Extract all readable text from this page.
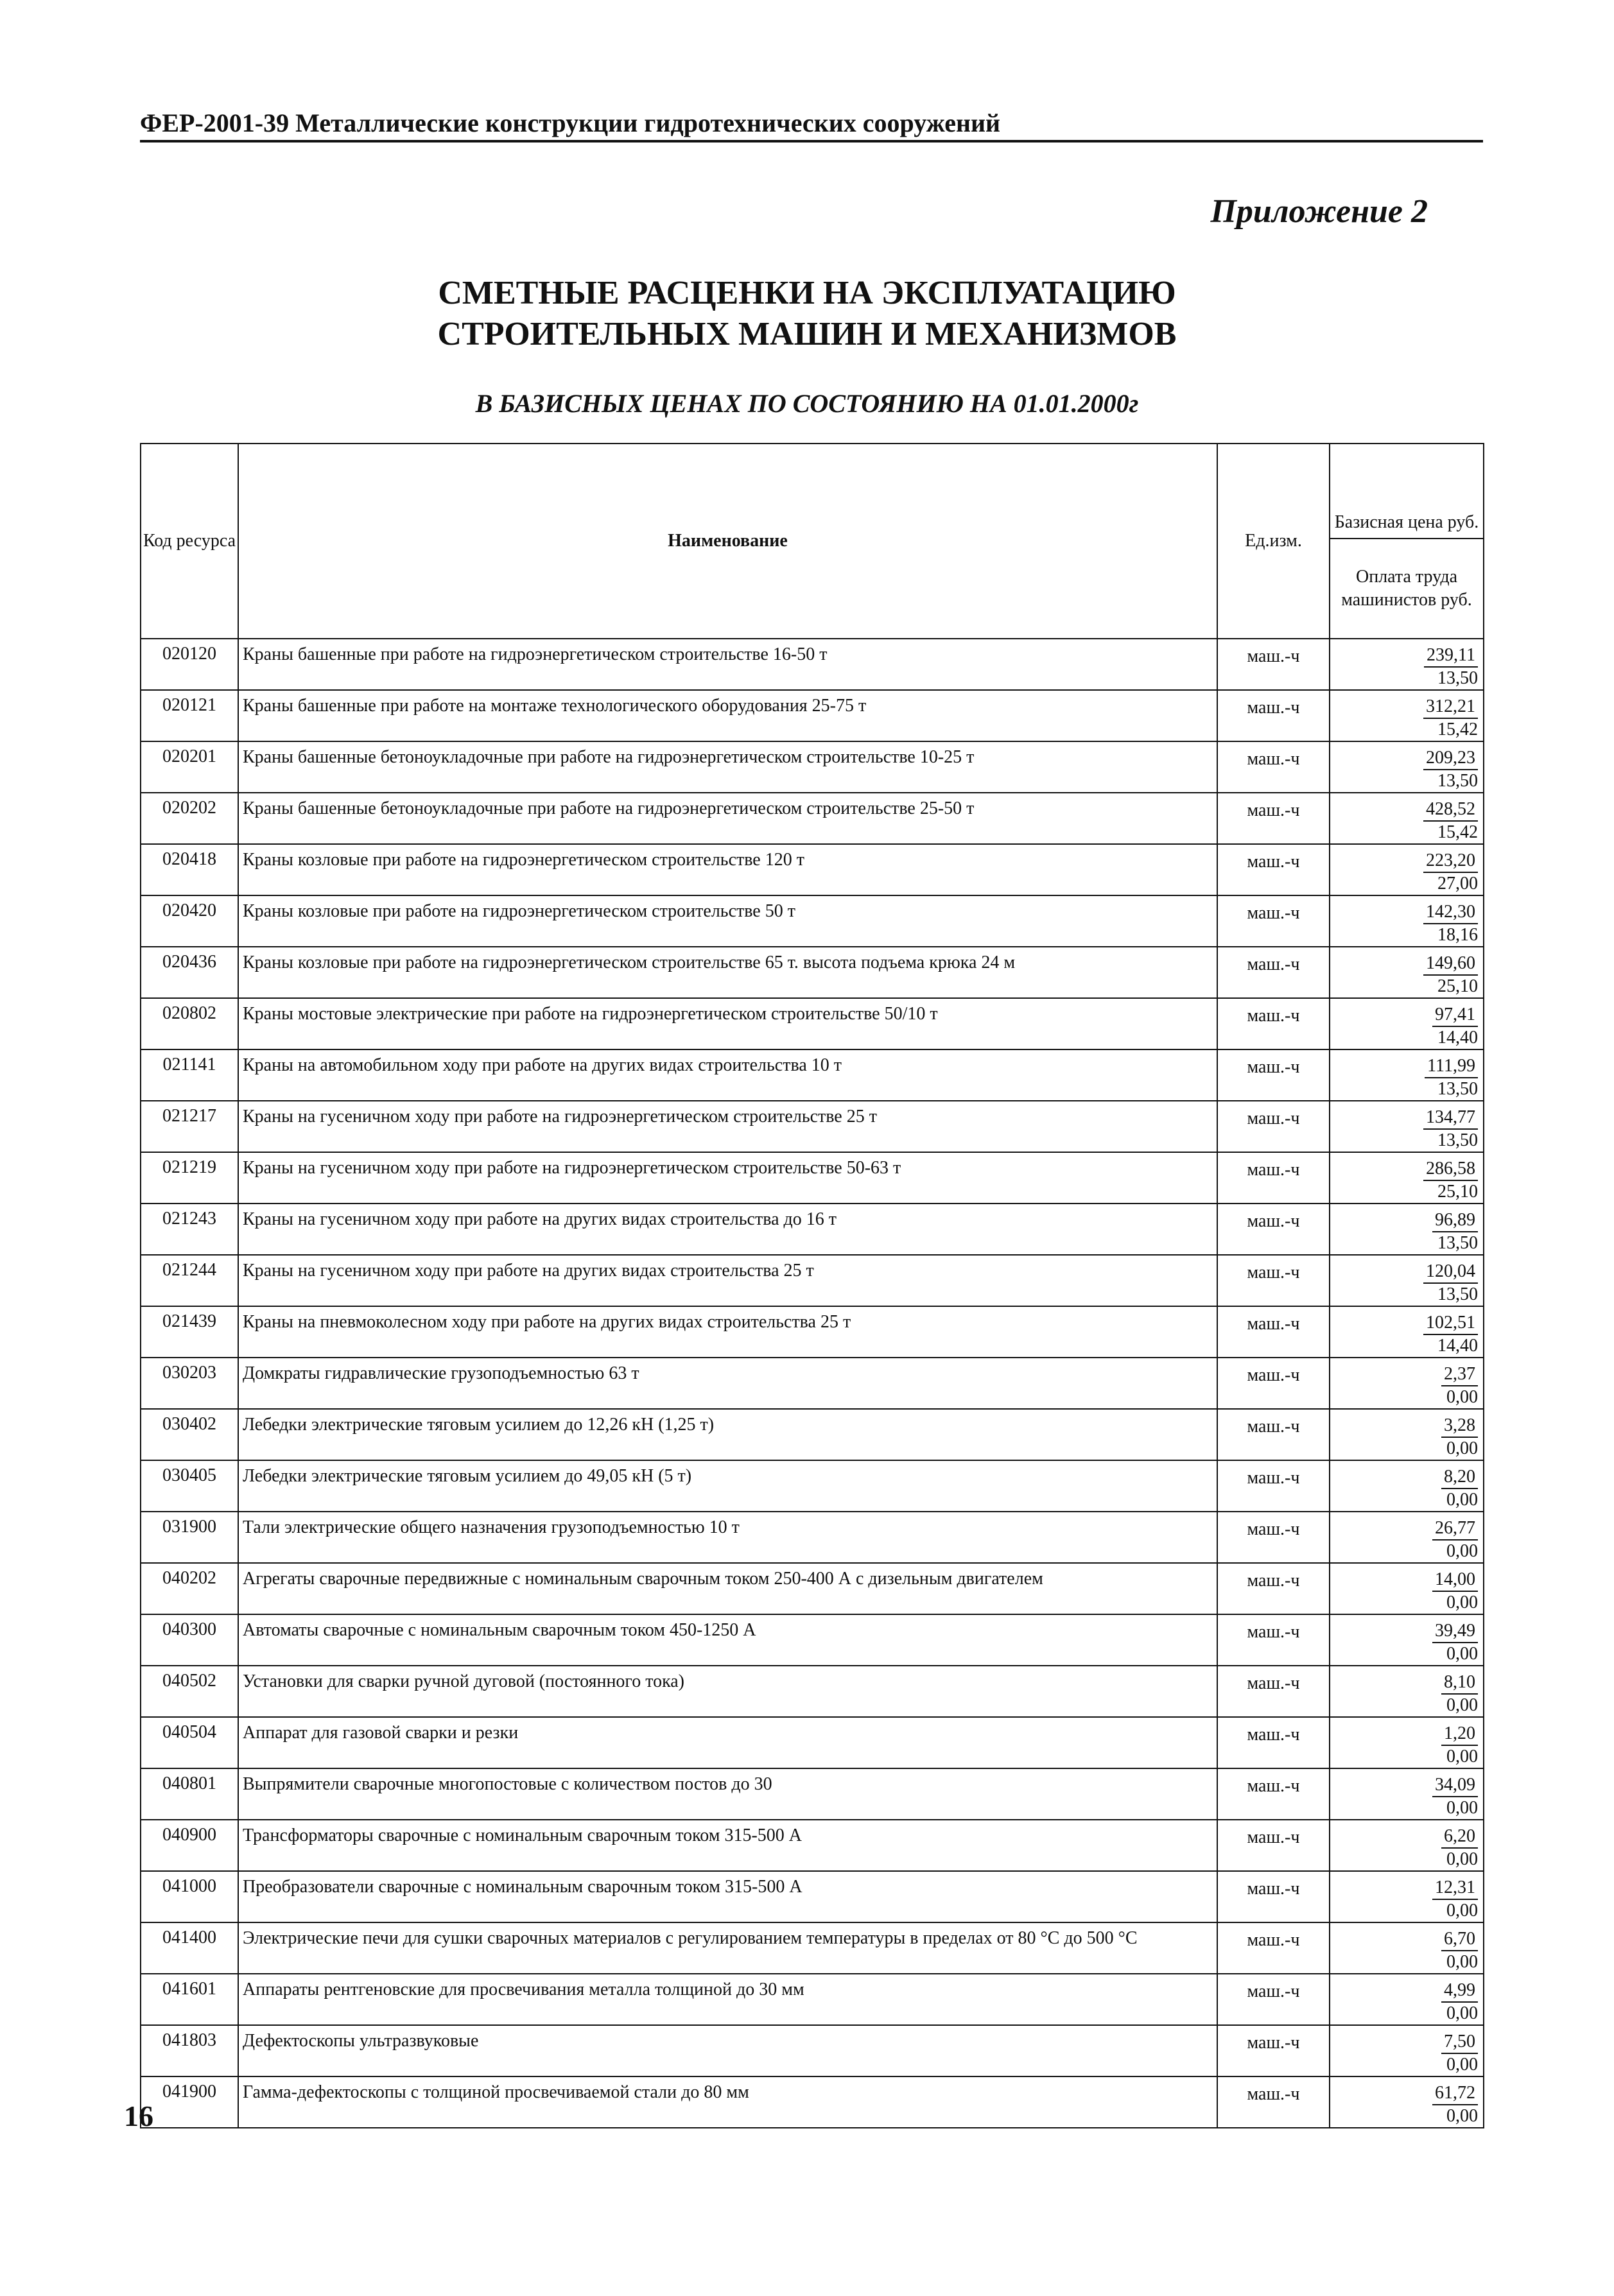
ФЕР-2001-39 Металлические конструкции гидротехнических сооружений
Приложение 2
СМЕТНЫЕ РАСЦЕНКИ НА ЭКСПЛУАТАЦИЮ
СТРОИТЕЛЬНЫХ МАШИН И МЕХАНИЗМОВ
В БАЗИСНЫХ ЦЕНАХ ПО СОСТОЯНИЮ НА 01.01.2000г
Код ресурса	Наименование	Ед.изм.	Базисная цена руб.
Оплата труда машинистов руб.

020120	Краны башенные при работе на гидроэнергетическом строительстве 16-50 т	маш.-ч	239,11
13,50

020121	Краны башенные при работе на монтаже технологического оборудования 25-75 т	маш.-ч	312,21
15,42

020201	Краны башенные бетоноукладочные при работе на гидроэнергетическом строительстве 10-25 т	маш.-ч	209,23
13,50

020202	Краны башенные бетоноукладочные при работе на гидроэнергетическом строительстве 25-50 т	маш.-ч	428,52
15,42

020418	Краны козловые при работе на гидроэнергетическом строительстве 120 т	маш.-ч	223,20
27,00

020420	Краны козловые при работе на гидроэнергетическом строительстве 50 т	маш.-ч	142,30
18,16

020436	Краны козловые при работе на гидроэнергетическом строительстве 65 т. высота подъема крюка 24 м	маш.-ч	149,60
25,10

020802	Краны мостовые электрические при работе на гидроэнергетическом строительстве 50/10 т	маш.-ч	97,41
14,40

021141	Краны на автомобильном ходу при работе на других видах строительства 10 т	маш.-ч	111,99
13,50

021217	Краны на гусеничном ходу при работе на гидроэнергетическом строительстве 25 т	маш.-ч	134,77
13,50

021219	Краны на гусеничном ходу при работе на гидроэнергетическом строительстве 50-63 т	маш.-ч	286,58
25,10

021243	Краны на гусеничном ходу при работе на других видах строительства до 16 т	маш.-ч	96,89
13,50

021244	Краны на гусеничном ходу при работе на других видах строительства 25 т	маш.-ч	120,04
13,50

021439	Краны на пневмоколесном ходу при работе на других видах строительства 25 т	маш.-ч	102,51
14,40

030203	Домкраты гидравлические грузоподъемностью 63 т	маш.-ч	2,37
0,00

030402	Лебедки электрические тяговым усилием до 12,26 кН (1,25 т)	маш.-ч	3,28
0,00

030405	Лебедки электрические тяговым усилием до 49,05 кН (5 т)	маш.-ч	8,20
0,00

031900	Тали электрические общего назначения грузоподъемностью 10 т	маш.-ч	26,77
0,00

040202	Агрегаты сварочные передвижные с номинальным сварочным током 250-400 А с дизельным двигателем	маш.-ч	14,00
0,00

040300	Автоматы сварочные с номинальным сварочным током 450-1250 А	маш.-ч	39,49
0,00

040502	Установки для сварки ручной дуговой (постоянного тока)	маш.-ч	8,10
0,00

040504	Аппарат для газовой сварки и резки	маш.-ч	1,20
0,00

040801	Выпрямители сварочные многопостовые с количеством постов до 30	маш.-ч	34,09
0,00

040900	Трансформаторы сварочные с номинальным сварочным током 315-500 А	маш.-ч	6,20
0,00

041000	Преобразователи сварочные с номинальным сварочным током 315-500 А	маш.-ч	12,31
0,00

041400	Электрические печи для сушки сварочных материалов с регулированием температуры в пределах от 80 °С до 500 °С	маш.-ч	6,70
0,00

041601	Аппараты рентгеновские для просвечивания металла толщиной до 30 мм	маш.-ч	4,99
0,00

041803	Дефектоскопы ультразвуковые	маш.-ч	7,50
0,00

041900	Гамма-дефектоскопы с толщиной просвечиваемой стали до 80 мм	маш.-ч	61,72
0,00
16
